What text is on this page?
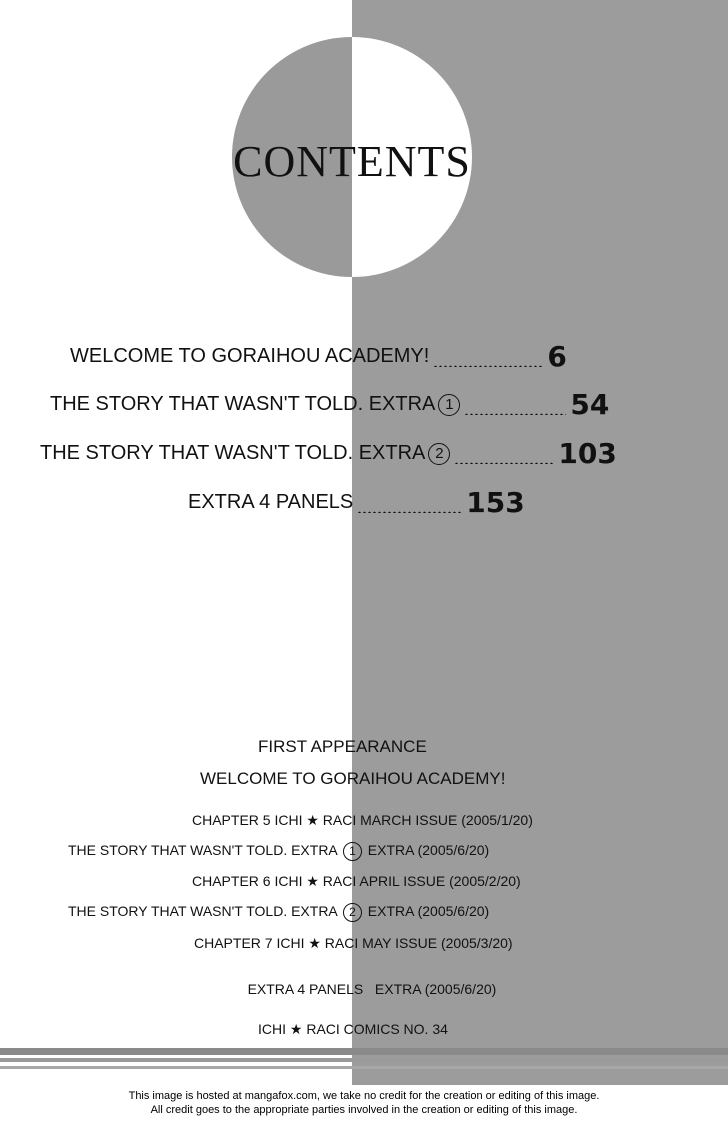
CONTENTS
WELCOME TO GORAIHOU ACADEMY!	6
THE STORY THAT WASN'T TOLD. EXTRA 1	54
THE STORY THAT WASN'T TOLD. EXTRA 2	103
EXTRA 4 PANELS	153
FIRST APPEARANCE
WELCOME TO GORAIHOU ACADEMY!
CHAPTER 5 ICHI ★ RACI MARCH ISSUE (2005/1/20)
THE STORY THAT WASN'T TOLD. EXTRA 1 EXTRA (2005/6/20)
CHAPTER 6 ICHI ★ RACI APRIL ISSUE (2005/2/20)
THE STORY THAT WASN'T TOLD. EXTRA 2 EXTRA (2005/6/20)
CHAPTER 7 ICHI ★ RACI MAY ISSUE (2005/3/20)

EXTRA 4 PANELS   EXTRA (2005/6/20)

ICHI ★ RACI COMICS NO. 34
This image is hosted at mangafox.com, we take no credit for the creation or editing of this image.
All credit goes to the appropriate parties involved in the creation or editing of this image.
